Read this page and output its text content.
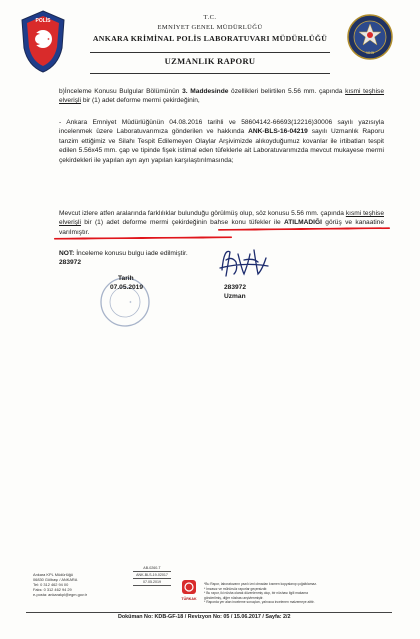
POLİS
1845
T.C.
EMNİYET GENEL MÜDÜRLÜĞÜ
ANKARA KRİMİNAL POLİS LABORATUVARI MÜDÜRLÜĞÜ
UZMANLIK RAPORU
b)İnceleme Konusu Bulgular Bölümünün 3. Maddesinde özellikleri belirtilen 5.56 mm. çapında kısmi teşhise elverişli bir (1) adet deforme mermi çekirdeğinin,
- Ankara Emniyet Müdürlüğünün 04.08.2016 tarihli ve 58604142-66693(12216)30006 sayılı yazısıyla incelenmek üzere Laboratuvarımıza gönderilen ve hakkında ANK-BLS-16-04219 sayılı Uzmanlık Raporu tanzim ettiğimiz ve Silahı Tespit Edilemeyen Olaylar Arşivimizde alıkoyduğumuz kovanlar ile irtibatları tespit edilen 5.56x45 mm. çap ve tipinde fişek istimal eden tüfeklerle ait Laboratuvarımızda mevcut mukayese mermi çekirdekleri ile yapılan ayrı ayrı yapılan karşılaştırılmasında;
Mevcut izlere atfen aralarında farklılıklar bulunduğu görülmüş olup, söz konusu 5.56 mm. çapında kısmi teşhise elverişli bir (1) adet deforme mermi çekirdeğinin bahse konu tüfekler ile ATILMADIĞI görüş ve kanaatine varılmıştır.
NOT: İnceleme konusu bulgu iade edilmiştir.
283972
Tarih
07.05.2019	283972
Uzman
Ankara KPL Müdürlüğü
06830 Gölbaşı / ANKARA
Tel: 0 312 462 94 00
Faks: 0 312 462 94 29
e-posta: ankarakpl@egm.gov.tr
AB-0260-T
ANK-BLS-19-02017
07.05.2019
TÜRKAK
*Bu Rapor, laboratuvarın yazılı izni olmadan kısmen kopyalanıp çoğaltılamaz.
* İmzasız ve mühürsüz raporlar geçersizdir.
* Bu rapor, iki nüsha olarak düzenlenmiş olup, bir nüshası ilgili makama
gönderilmiş, diğer nüshası arşivlenmiştir.
* Raporda yer alan inceleme sonuçları, yalnızca incelenen malzemeye aittir.
Doküman No: KDB-GF-18 / Revizyon No: 05 / 15.06.2017 / Sayfa: 2/2
